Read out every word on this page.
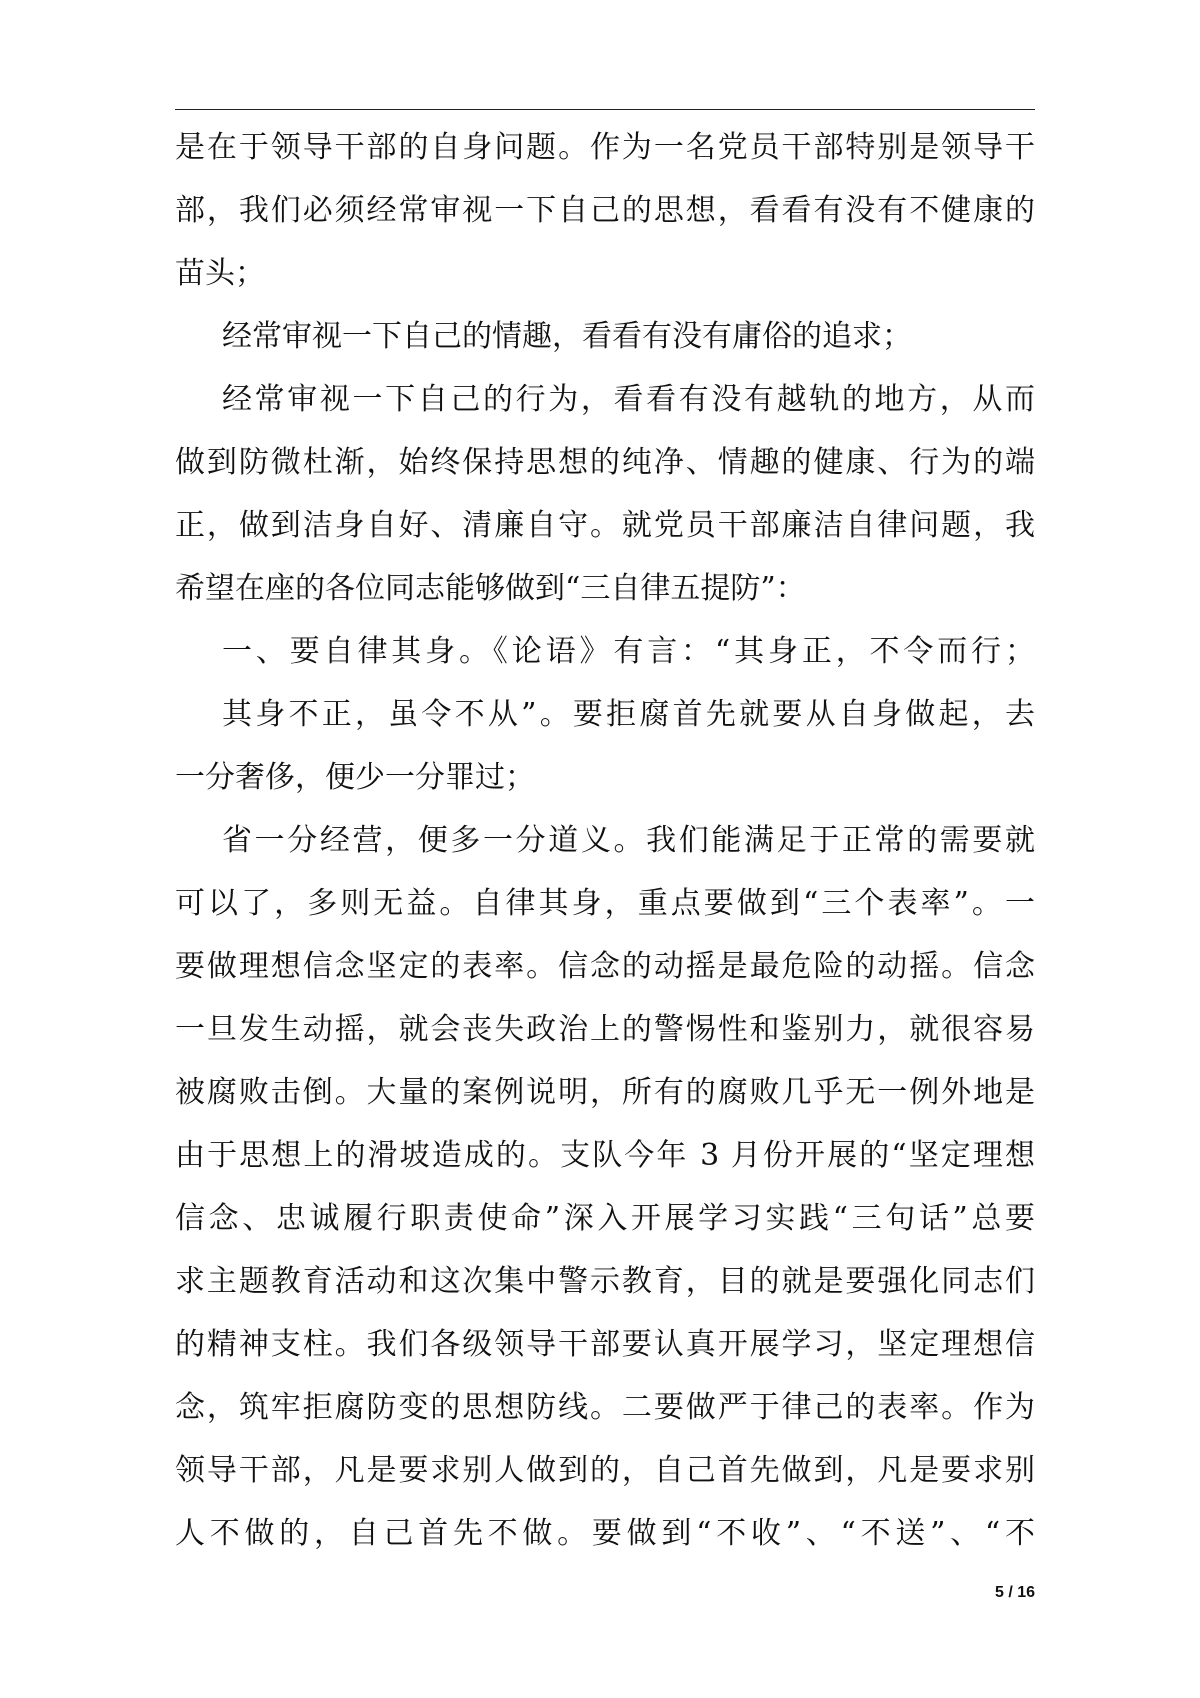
是在于领导干部的自身问题。作为一名党员干部特别是领导干
部，我们必须经常审视一下自己的思想，看看有没有不健康的
苗头；
经常审视一下自己的情趣，看看有没有庸俗的追求；
经常审视一下自己的行为，看看有没有越轨的地方，从而
做到防微杜渐，始终保持思想的纯净、情趣的健康、行为的端
正，做到洁身自好、清廉自守。就党员干部廉洁自律问题，我
希望在座的各位同志能够做到“三自律五提防”：
一、要自律其身。《论语》有言：“其身正，不令而行；
其身不正，虽令不从”。要拒腐首先就要从自身做起，去
一分奢侈，便少一分罪过；
省一分经营，便多一分道义。我们能满足于正常的需要就
可以了，多则无益。自律其身，重点要做到“三个表率”。一
要做理想信念坚定的表率。信念的动摇是最危险的动摇。信念
一旦发生动摇，就会丧失政治上的警惕性和鉴别力，就很容易
被腐败击倒。大量的案例说明，所有的腐败几乎无一例外地是
由于思想上的滑坡造成的。支队今年 3 月份开展的“坚定理想
信念、忠诚履行职责使命”深入开展学习实践“三句话”总要
求主题教育活动和这次集中警示教育，目的就是要强化同志们
的精神支柱。我们各级领导干部要认真开展学习，坚定理想信
念，筑牢拒腐防变的思想防线。二要做严于律己的表率。作为
领导干部，凡是要求别人做到的，自己首先做到，凡是要求别
人不做的，自己首先不做。要做到“不收”、“不送”、“不
5 / 16
